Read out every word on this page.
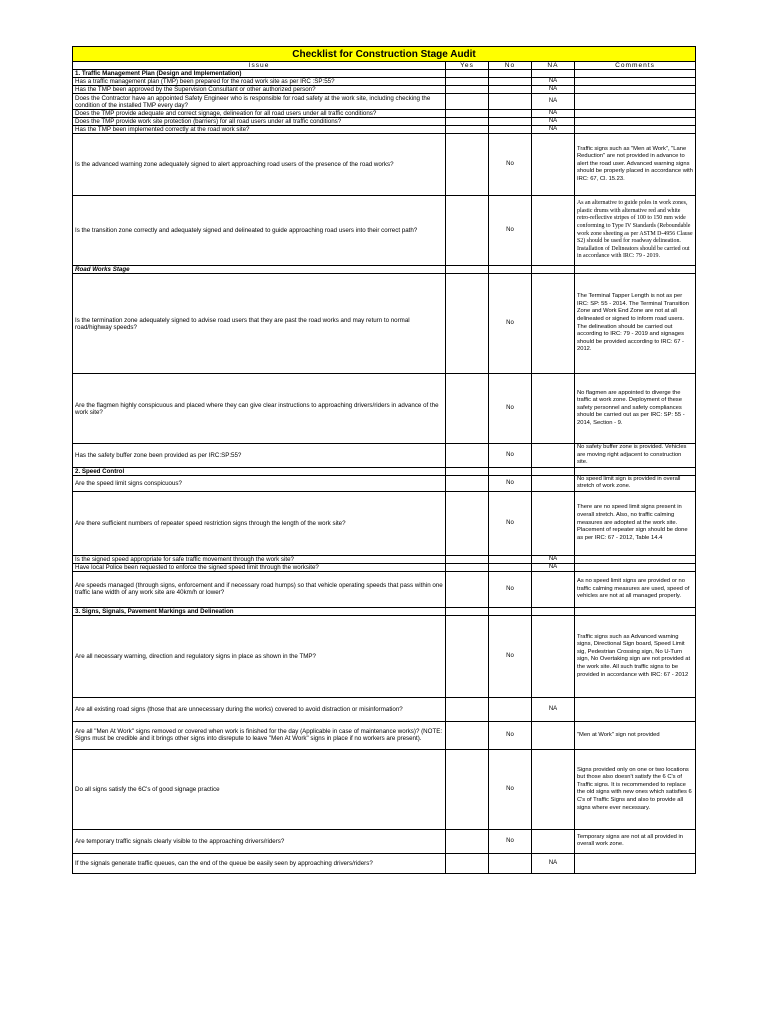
Checklist for Construction Stage Audit				
Issue	Yes	No	NA	Comments
1. Traffic Management Plan (Design and Implementation)				
Has a traffic management plan (TMP) been prepared for the road work site as per IRC :SP:55?			NA	
Has the TMP been approved by the Supervision Consultant or other authorized person?			NA	
Does the Contractor have an appointed Safety Engineer who is responsible for road safety at the work site, including checking the condition of the installed TMP every day?			NA	
Does the TMP provide adequate and correct signage, delineation for all road users under all traffic conditions?			NA	
Does the TMP provide work site protection (barriers) for all road users under all traffic conditions?			NA	
Has the TMP been implemented correctly at the road work site?			NA	
Is the advanced warning zone adequately signed to alert approaching road users of the presence of the road works?		No		Traffic signs such as "Men at Work", "Lane Reduction" are not provided in advance to alert the road user. Advanced warning signs should be properly placed in accordance with IRC: 67, Cl. 15.23.
Is the transition zone correctly and adequately signed and delineated to guide approaching road users into their correct path?		No		As an alternative to guide poles in work zones, plastic drums with alternative red and white retro-reflective stripes of 100 to 150 mm wide conforming to Type IV Standards (Reboundable work zone sheeting as per ASTM D-4956 Clause S2) should be used for roadway delineation. Installation of Delineators should be carried out in accordance with IRC: 79 - 2019.
Road Works Stage				
Is the termination zone adequately signed to advise road users that they are past the road works and may return to normal road/highway speeds?		No		The Terminal Tapper Length is not as per IRC: SP: 55 - 2014. The Terminal Transition Zone and Work End Zone are not at all delineated or signed to inform road users. The delineation should be carried out according to IRC: 79 - 2019 and signages should be provided according to IRC: 67 - 2012.
Are the flagmen highly conspicuous and placed where they can give clear instructions to approaching drivers/riders in advance of the work site?		No		No flagmen are appointed to diverge the traffic at work zone. Deployment of these safety personnel and safety compliances should be carried out as per IRC: SP: 55 - 2014, Section - 9.
Has the safety buffer zone been provided as per IRC:SP:55?		No		No safety buffer zone is provided. Vehicles are moving right adjacent to construction site.
2. Speed Control				
Are the speed limit signs conspicuous?		No		No speed limit sign is provided in overall stretch of work zone.
Are there sufficient numbers of repeater speed restriction signs through the length of the work site?		No		There are no speed limit signs present in overall stretch. Also, no traffic calming measures are adopted at the work site. Placement of repeater sign should be done as per IRC: 67 - 2012, Table 14.4
Is the signed speed appropriate for safe traffic movement through the work site?			NA	
Have local Police been requested to enforce the signed speed limit through the worksite?			NA	
Are speeds managed (through signs, enforcement and if necessary road humps) so that vehicle operating speeds that pass within one traffic lane width of any work site are 40km/h or lower?		No		As no speed limit signs are provided or no traffic calming measures are used, speed of vehicles are not at all managed properly.
3. Signs, Signals, Pavement Markings and Delineation				
Are all necessary warning, direction and regulatory signs in place as shown in the TMP?		No		Traffic signs such as Advanced warning signs, Directional Sign board, Speed Limit sig, Pedestrian Crossing sign, No U-Turn sign, No Overtaking sign are not provided at the work site. All such traffic signs to be provided in accordance with IRC: 67 - 2012
Are all existing road signs (those that are unnecessary during the works) covered to avoid distraction or misinformation?			NA	
Are all "Men At Work" signs removed or covered when work is finished for the day (Applicable in case of maintenance works)? (NOTE: Signs must be credible and it brings other signs into disrepute to leave "Men At Work" signs in place if no workers are present).		No		"Men at Work" sign not provided
Do all signs satisfy the 6C's of good signage practice		No		Signs provided only on one or two locations but those also doesn't satisfy the 6 C's of Traffic signs. It is recommended to replace the old signs with new ones which satisfies 6 C's of Traffic Signs and also to provide all signs where ever necessary.
Are temporary traffic signals clearly visible to the approaching drivers/riders?		No		Temporary signs are not at all provided in overall work zone.
If the signals generate traffic queues, can the end of the queue be easily seen by approaching drivers/riders?			NA	
